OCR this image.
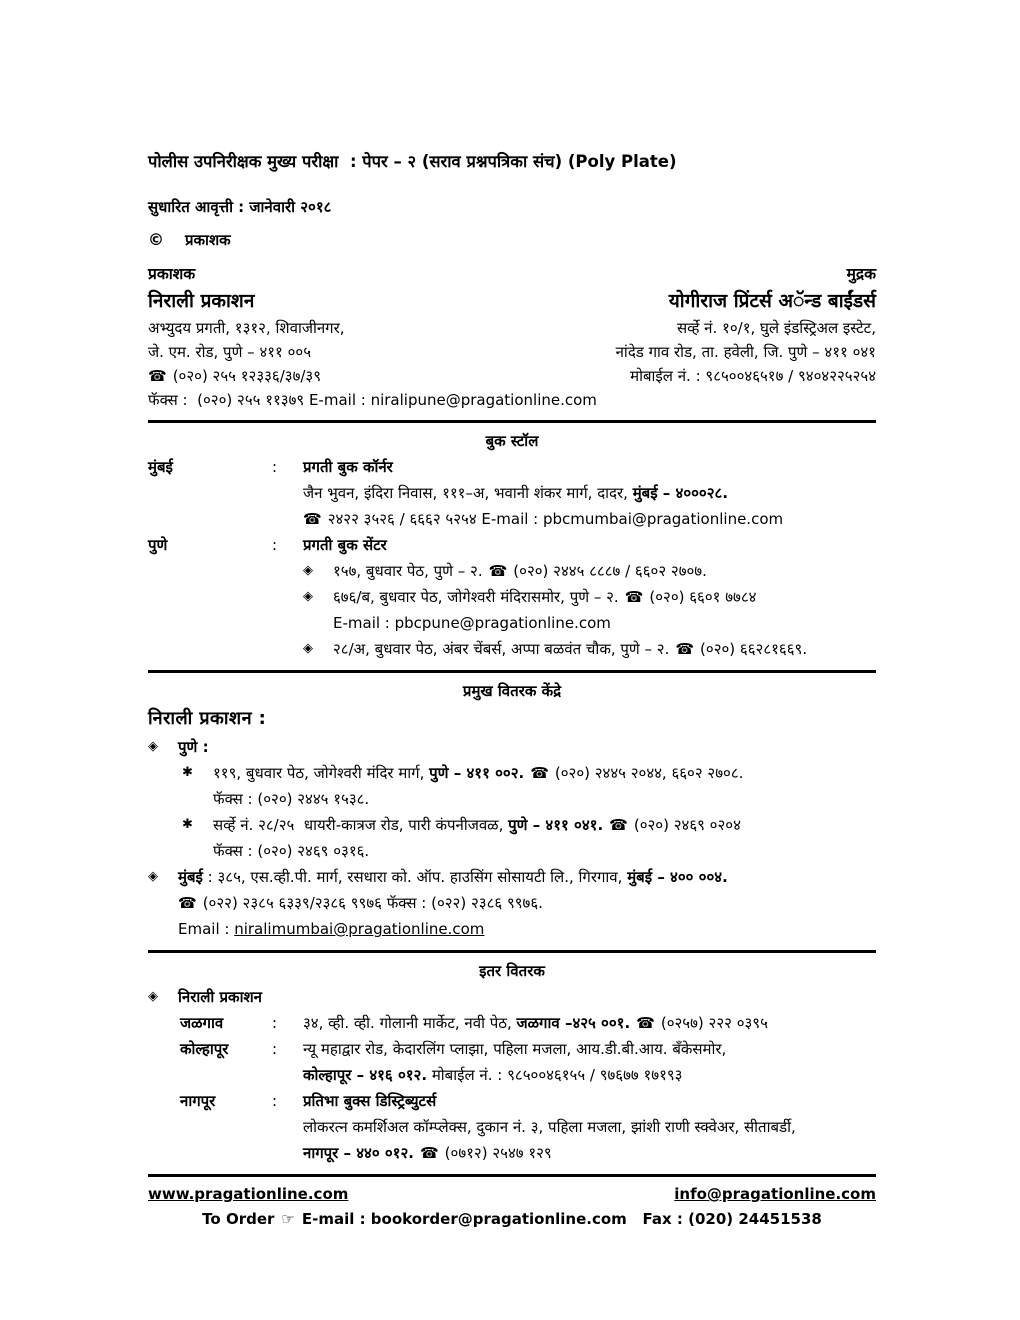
पोलीस उपनिरीक्षक मुख्य परीक्षा  : पेपर – २ (सराव प्रश्नपत्रिका संच) (Poly Plate)
सुधारित आवृत्ती : जानेवारी २०१८
© प्रकाशक
प्रकाशक
निराली प्रकाशन
अभ्युदय प्रगती, १३१२, शिवाजीनगर,
जे. एम. रोड, पुणे – ४११ ००५
☎ (०२०) २५५ १२३३६/३७/३९
फॅक्स :  (०२०) २५५ ११३७९ E-mail : niralipune@pragationline.com
मुद्रक
योगीराज प्रिंटर्स अॅन्ड बाईंडर्स
सर्व्हे नं. १०/१, घुले इंडस्ट्रिअल इस्टेट,
नांदेड गाव रोड, ता. हवेली, जि. पुणे – ४११ ०४१
मोबाईल नं. : ९८५००४६५१७ / ९४०४२२५२५४
बुक स्टॉल
मुंबई	:	प्रगती बुक कॉर्नर
जैन भुवन, इंदिरा निवास, १११–अ, भवानी शंकर मार्ग, दादर, मुंबई – ४०००२८.
☎ २४२२ ३५२६ / ६६६२ ५२५४ E-mail : pbcmumbai@pragationline.com
पुणे	:	प्रगती बुक सेंटर
◈	१५७, बुधवार पेठ, पुणे – २. ☎ (०२०) २४४५ ८८८७ / ६६०२ २७०७.
◈	६७६/ब, बुधवार पेठ, जोगेश्वरी मंदिरासमोर, पुणे – २. ☎ (०२०) ६६०१ ७७८४
E-mail : pbcpune@pragationline.com
◈	२८/अ, बुधवार पेठ, अंबर चेंबर्स, अप्पा बळवंत चौक, पुणे – २. ☎ (०२०) ६६२८१६६९.
प्रमुख वितरक केंद्रे
निराली प्रकाशन :
◈	पुणे :
✱	११९, बुधवार पेठ, जोगेश्वरी मंदिर मार्ग, पुणे – ४११ ००२. ☎ (०२०) २४४५ २०४४, ६६०२ २७०८.
फॅक्स : (०२०) २४४५ १५३८.
✱	सर्व्हे नं. २८/२५  धायरी-कात्रज रोड, पारी कंपनीजवळ, पुणे – ४११ ०४१. ☎ (०२०) २४६९ ०२०४
फॅक्स : (०२०) २४६९ ०३१६.
◈	मुंबई : ३८५, एस.व्ही.पी. मार्ग, रसधारा को. ऑप. हाउसिंग सोसायटी लि., गिरगाव, मुंबई – ४०० ००४.
☎ (०२२) २३८५ ६३३९/२३८६ ९९७६ फॅक्स : (०२२) २३८६ ९९७६.
Email : niralimumbai@pragationline.com
इतर वितरक
◈	निराली प्रकाशन
जळगाव	:	३४, व्ही. व्ही. गोलानी मार्केट, नवी पेठ, जळगाव –४२५ ००१. ☎ (०२५७) २२२ ०३९५
कोल्हापूर	:	न्यू महाद्वार रोड, केदारलिंग प्लाझा, पहिला मजला, आय.डी.बी.आय. बँकेसमोर,
कोल्हापूर – ४१६ ०१२. मोबाईल नं. : ९८५००४६१५५ / ९७६७७ १७१९३
नागपूर	:	प्रतिभा बुक्स डिस्ट्रिब्युटर्स
लोकरत्न कमर्शिअल कॉम्प्लेक्स, दुकान नं. ३, पहिला मजला, झांशी राणी स्क्वेअर, सीताबर्डी,
नागपूर – ४४० ०१२. ☎ (०७१२) २५४७ १२९
www.pragationline.com	info@pragationline.com
To Order ☞ E-mail : bookorder@pragationline.com   Fax : (020) 24451538
